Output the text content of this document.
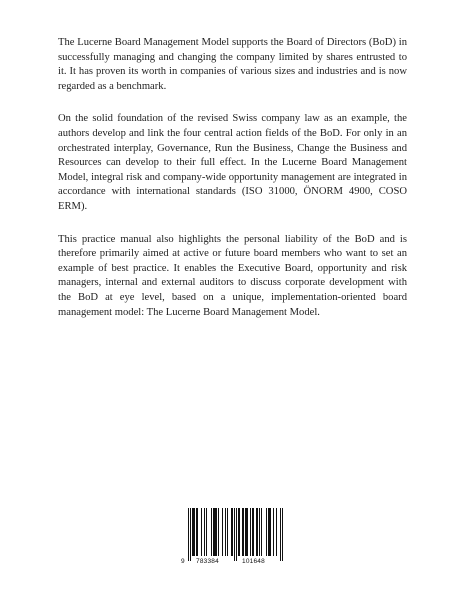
The Lucerne Board Management Model supports the Board of Directors (BoD) in successfully managing and changing the company limited by shares entrusted to it. It has proven its worth in companies of various sizes and industries and is now regarded as a benchmark.

On the solid foundation of the revised Swiss company law as an example, the authors develop and link the four central action fields of the BoD. For only in an orchestrated interplay, Governance, Run the Business, Change the Business and Resources can develop to their full effect. In the Lucerne Board Management Model, integral risk and company-wide opportunity management are integrated in accordance with international standards (ISO 31000, ÖNORM 4900, COSO ERM).

This practice manual also highlights the personal liability of the BoD and is therefore primarily aimed at active or future board members who want to set an example of best practice. It enables the Executive Board, opportunity and risk managers, internal and external auditors to discuss corporate development with the BoD at eye level, based on a unique, implementation-oriented board management model: The Lucerne Board Management Model.

9 783384	101648
